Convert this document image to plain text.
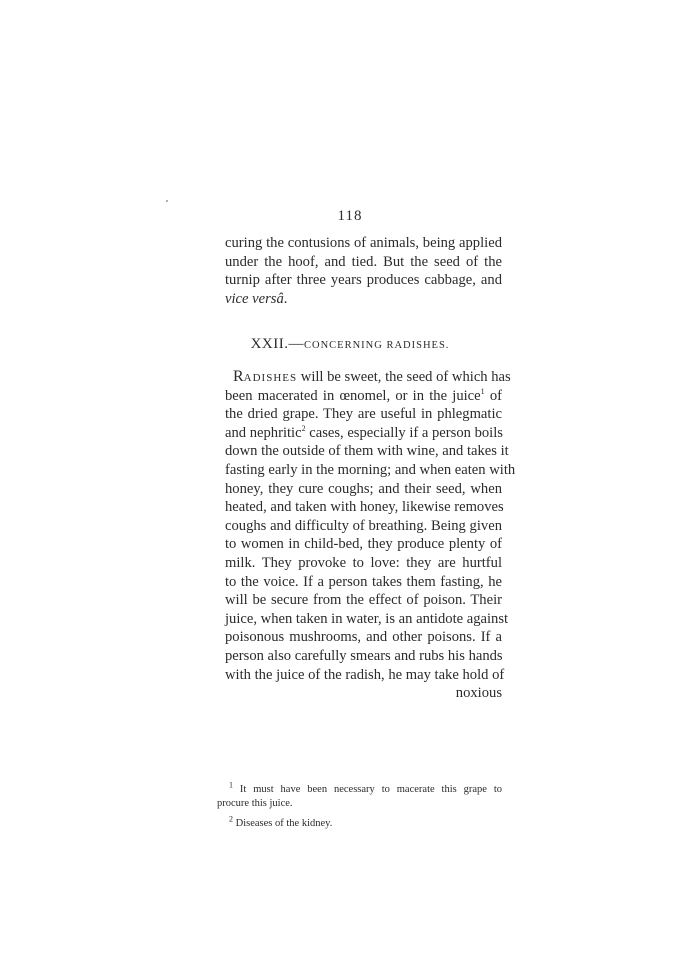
118
curing the contusions of animals, being applied
under the hoof, and tied. But the seed of the
turnip after three years produces cabbage, and
vice versâ.
XXII.—CONCERNING RADISHES.
RADISHES will be sweet, the seed of which has
been macerated in œnomel, or in the juice$^1$ of
the dried grape. They are useful in phlegmatic
and nephritic$^2$ cases, especially if a person boils
down the outside of them with wine, and takes it
fasting early in the morning; and when eaten with
honey, they cure coughs; and their seed, when
heated, and taken with honey, likewise removes
coughs and difficulty of breathing. Being given
to women in child-bed, they produce plenty of
milk. They provoke to love: they are hurtful
to the voice. If a person takes them fasting, he
will be secure from the effect of poison. Their
juice, when taken in water, is an antidote against
poisonous mushrooms, and other poisons. If a
person also carefully smears and rubs his hands
with the juice of the radish, he may take hold of
noxious
$^1$ It must have been necessary to macerate this grape to
procure this juice.
$^2$ Diseases of the kidney.
